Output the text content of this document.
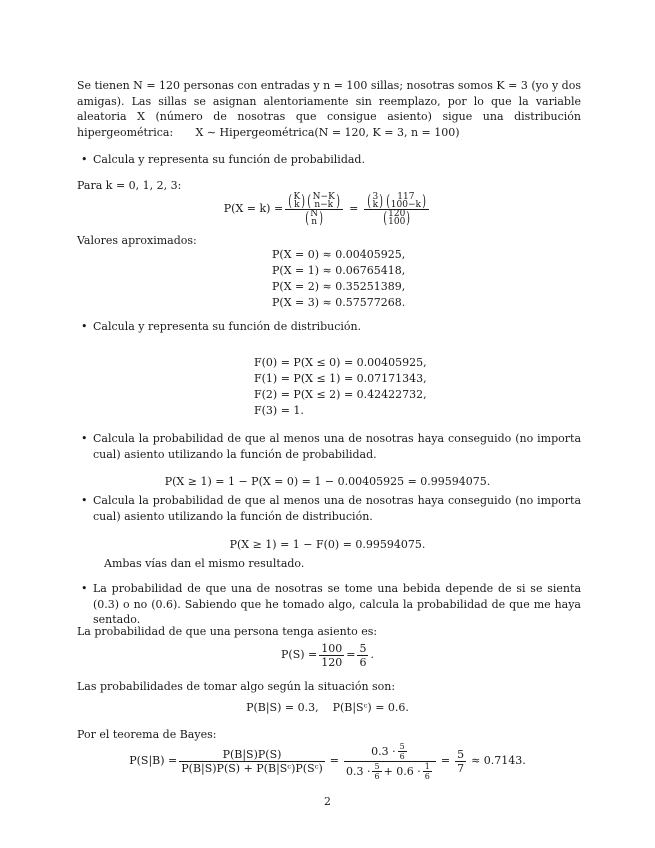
Se tienen N = 120 personas con entradas y n = 100 sillas; nosotras somos K = 3 (yo y dos amigas). Las sillas se asignan alentoriamente sin reemplazo, por lo que la variable aleatoria X (número de nosotras que consigue asiento) sigue una distribución hipergeométrica:	X ∼ Hipergeométrica(N = 120, K = 3, n = 100)
• Calcula y representa su función de probabilidad.
Para k = 0, 1, 2, 3:
P(X = k) = ( K
k ) ( N−K
n−k )
( N
n ) = ( 3
k ) ( 117
100−k )
( 120
100 )
Valores aproximados:
P(X = 0) ≈ 0.00405925,
P(X = 1) ≈ 0.06765418,
P(X = 2) ≈ 0.35251389,
P(X = 3) ≈ 0.57577268.
• Calcula y representa su función de distribución.
F(0) = P(X ≤ 0) = 0.00405925,
F(1) = P(X ≤ 1) = 0.07171343,
F(2) = P(X ≤ 2) = 0.42422732,
F(3) = 1.
• Calcula la probabilidad de que al menos una de nosotras haya conseguido (no importa cual) asiento utilizando la función de probabilidad.
P(X ≥ 1) = 1 − P(X = 0) = 1 − 0.00405925 = 0.99594075.
• Calcula la probabilidad de que al menos una de nosotras haya conseguido (no importa cual) asiento utilizando la función de distribución.
P(X ≥ 1) = 1 − F(0) = 0.99594075.
Ambas vías dan el mismo resultado.
• La probabilidad de que una de nosotras se tome una bebida depende de si se sienta (0.3) o no (0.6). Sabiendo que he tomado algo, calcula la probabilidad de que me haya sentado.
La probabilidad de que una persona tenga asiento es:
$P(S) = \frac{100}{120} = \frac{5}{6}$ .
Las probabilidades de tomar algo según la situación son:
P(B|S) = 0.3,    P(B|Sᶜ) = 0.6.
Por el teorema de Bayes:
$P(S|B) = \frac{P(B|S)P(S)}{\text{P(B|S)P(S) + P(B|Sᶜ)P(Sᶜ)}} = \frac{0.3 \cdot \frac{5}{6}}{0.3 \cdot \frac{5}{6} + 0.6 \cdot \frac{1}{6}} = \frac{5}{7} \approx 0.7143$.
2
